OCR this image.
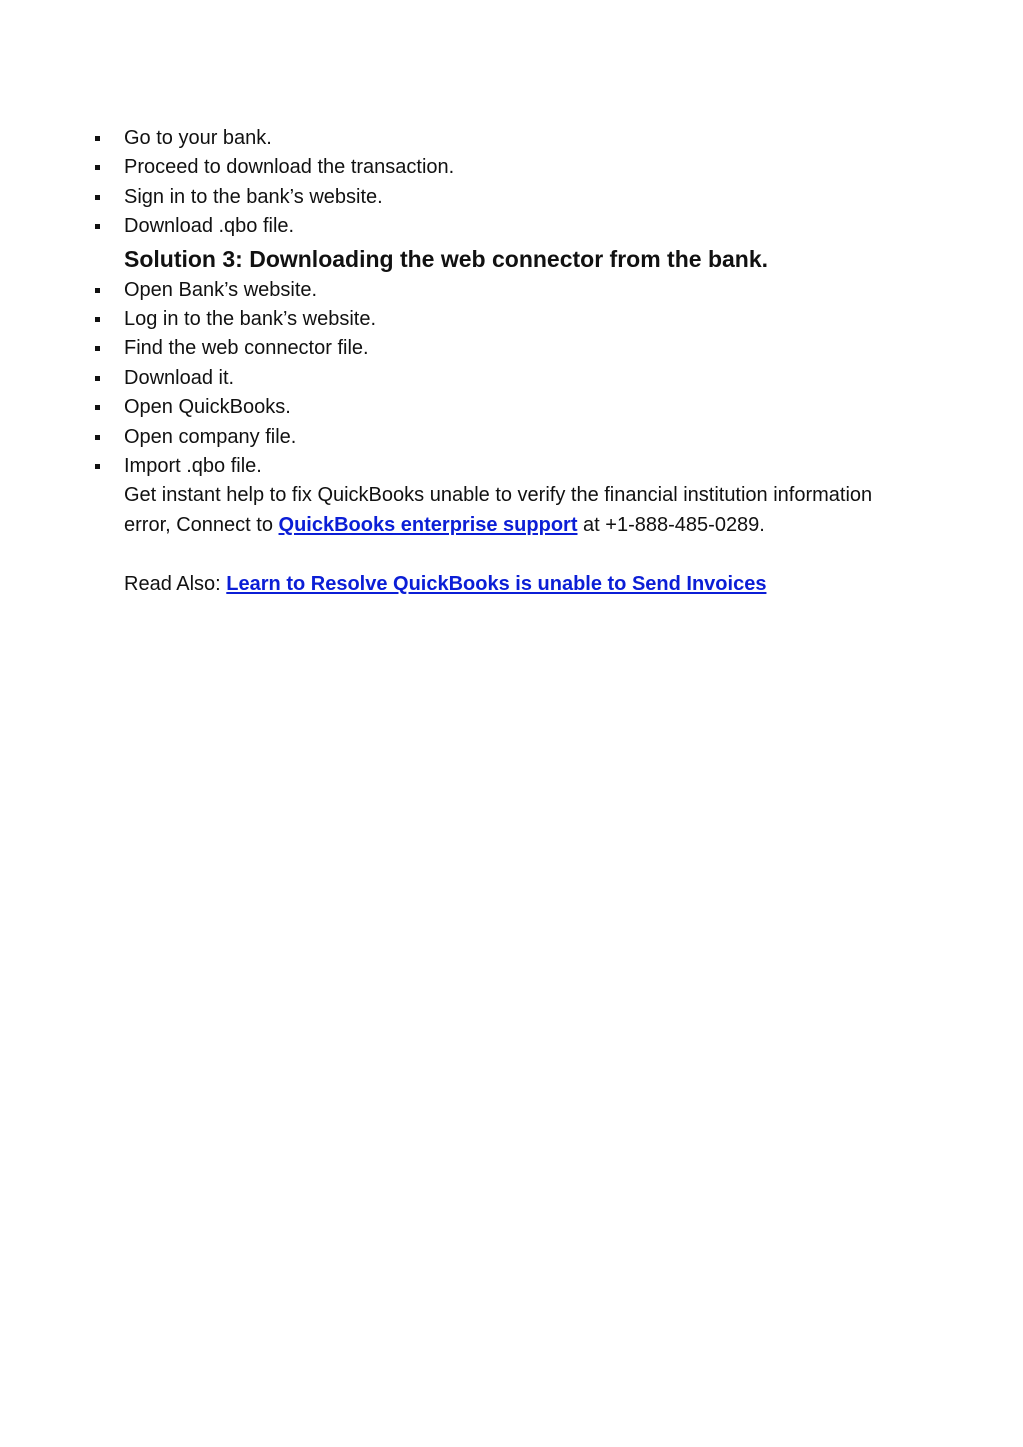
Go to your bank.
Proceed to download the transaction.
Sign in to the bank’s website.
Download .qbo file.
Solution 3: Downloading the web connector from the bank.
Open Bank’s website.
Log in to the bank’s website.
Find the web connector file.
Download it.
Open QuickBooks.
Open company file.
Import .qbo file.

Get instant help to fix QuickBooks unable to verify the financial institution information error, Connect to QuickBooks enterprise support at +1-888-485-0289.

Read Also: Learn to Resolve QuickBooks is unable to Send Invoices
